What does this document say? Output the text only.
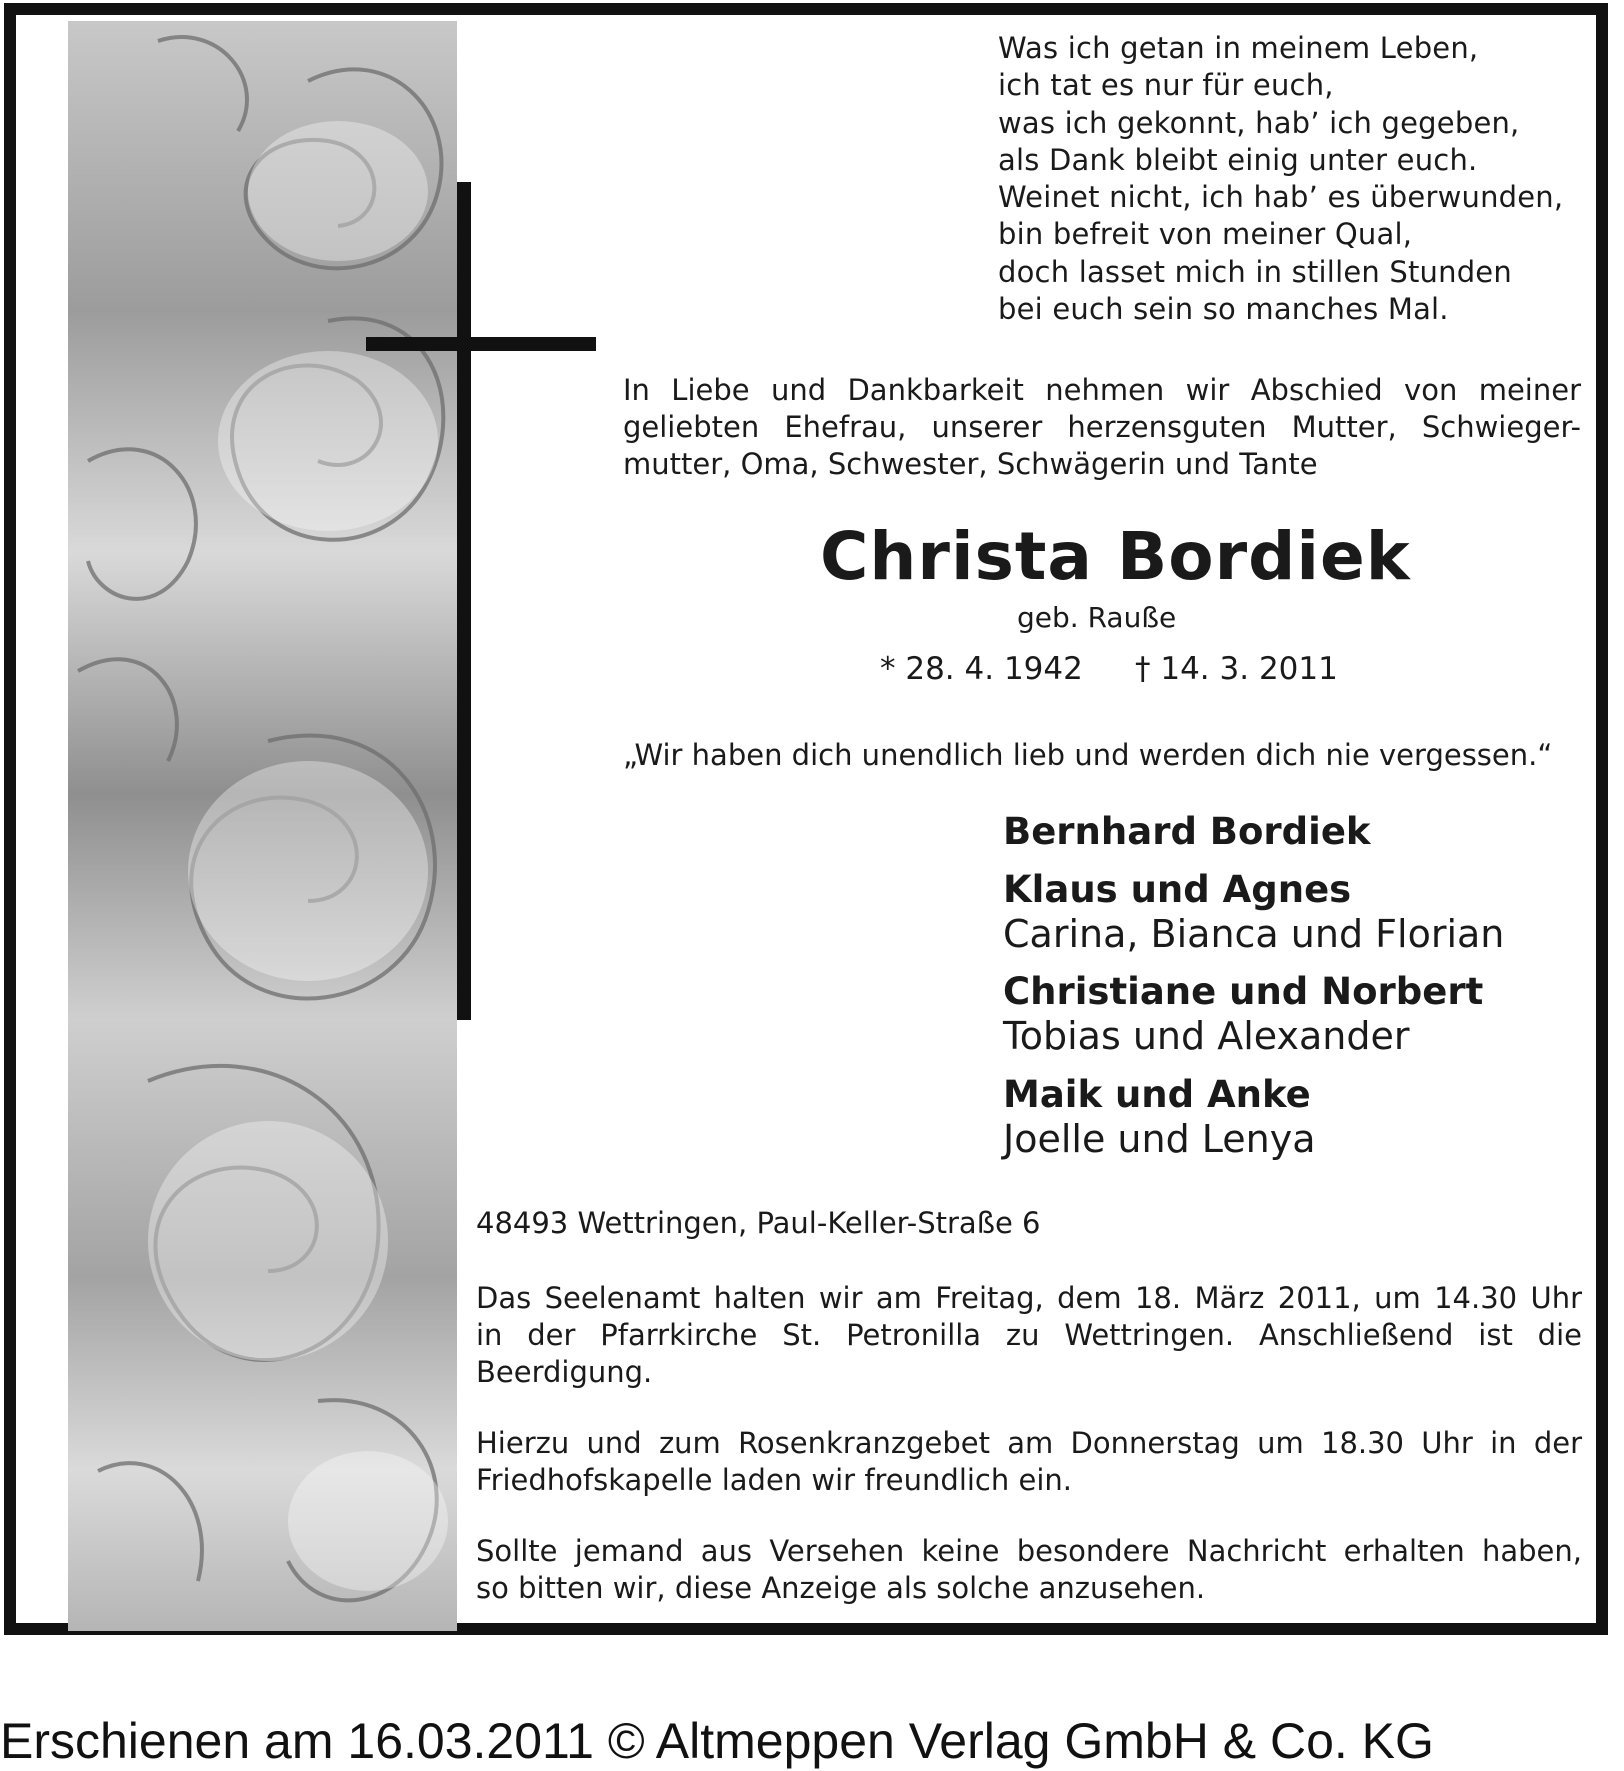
Was ich getan in meinem Leben,
ich tat es nur für euch,
was ich gekonnt, hab’ ich gegeben,
als Dank bleibt einig unter euch.
Weinet nicht, ich hab’ es überwunden,
bin befreit von meiner Qual,
doch lasset mich in stillen Stunden
bei euch sein so manches Mal.
In Liebe und Dankbarkeit nehmen wir Abschied von meiner
geliebten Ehefrau, unserer herzensguten Mutter, Schwieger-
mutter, Oma, Schwester, Schwägerin und Tante
Christa Bordiek
geb. Rauße
* 28. 4. 1942 † 14. 3. 2011
„Wir haben dich unendlich lieb und werden dich nie vergessen.“
Bernhard Bordiek
Klaus und Agnes
Carina, Bianca und Florian
Christiane und Norbert
Tobias und Alexander
Maik und Anke
Joelle und Lenya
48493 Wettringen, Paul-Keller-Straße 6
Das Seelenamt halten wir am Freitag, dem 18. März 2011, um 14.30 Uhr
in der Pfarrkirche St. Petronilla zu Wettringen. Anschließend ist die
Beerdigung.
Hierzu und zum Rosenkranzgebet am Donnerstag um 18.30 Uhr in der
Friedhofskapelle laden wir freundlich ein.
Sollte jemand aus Versehen keine besondere Nachricht erhalten haben,
so bitten wir, diese Anzeige als solche anzusehen.
Erschienen am 16.03.2011 © Altmeppen Verlag GmbH & Co. KG
